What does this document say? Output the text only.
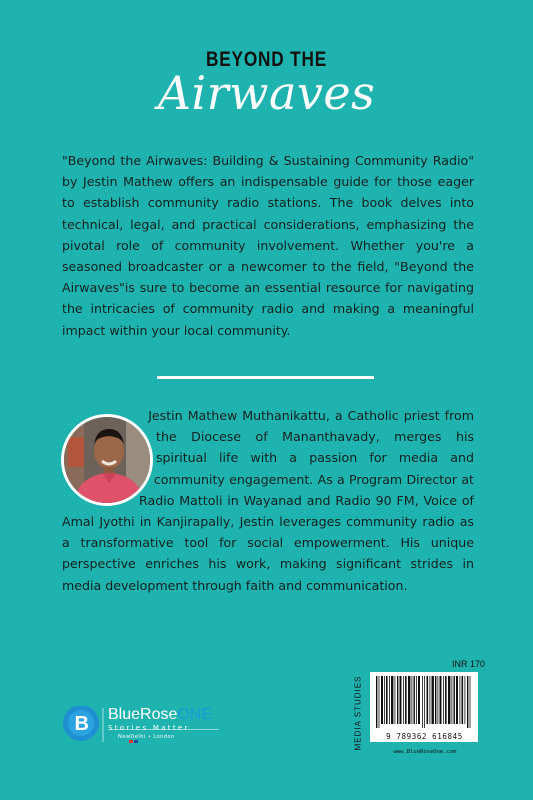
BEYOND THE
Airwaves

"Beyond the Airwaves: Building & Sustaining Community Radio" by Jestin Mathew offers an indispensable guide for those eager to establish community radio stations. The book delves into technical, legal, and practical considerations, emphasizing the pivotal role of community involvement. Whether you're a seasoned broadcaster or a newcomer to the field, "Beyond the Airwaves"is sure to become an essential resource for navigating the intricacies of community radio and making a meaningful impact within your local community.

Jestin Mathew Muthanikattu, a Catholic priest from the Diocese of Mananthavady, merges his spiritual life with a passion for media and community engagement. As a Program Director at Radio Mattoli in Wayanad and Radio 90 FM, Voice of Amal Jyothi in Kanjirapally, Jestin leverages community radio as a transformative tool for social empowerment. His unique perspective enriches his work, making significant strides in media development through faith and communication.

B BlueRoseONE
Stories Matter
NewDelhi • London	MEDIA STUDIES
INR 170
9 789362 616845
www.BlueRoseOne.com
